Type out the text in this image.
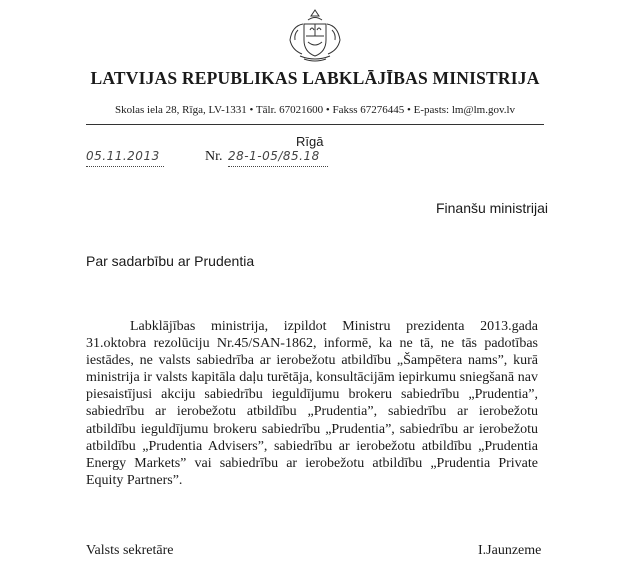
LATVIJAS REPUBLIKAS LABKLĀJĪBAS MINISTRIJA
Skolas iela 28, Rīga, LV-1331 • Tālr. 67021600 • Fakss 67276445 • E-pasts: lm@lm.gov.lv
Rīgā
05.11.2013	Nr. 28-1-05/85.18
Finanšu ministrijai
Par sadarbību ar Prudentia
Labklājības ministrija, izpildot Ministru prezidenta 2013.gada 31.oktobra rezolūciju Nr.45/SAN-1862, informē, ka ne tā, ne tās padotības iestādes, ne valsts sabiedrība ar ierobežotu atbildību „Šampētera nams”, kurā ministrija ir valsts kapitāla daļu turētāja, konsultācijām iepirkumu sniegšanā nav piesaistījusi akciju sabiedrību ieguldījumu brokeru sabiedrību „Prudentia”, sabiedrību ar ierobežotu atbildību „Prudentia”, sabiedrību ar ierobežotu atbildību ieguldījumu brokeru sabiedrību „Prudentia”, sabiedrību ar ierobežotu atbildību „Prudentia Advisers”, sabiedrību ar ierobežotu atbildību „Prudentia Energy Markets” vai sabiedrību ar ierobežotu atbildību „Prudentia Private Equity Partners”.
Valsts sekretāre	I.Jaunzeme
